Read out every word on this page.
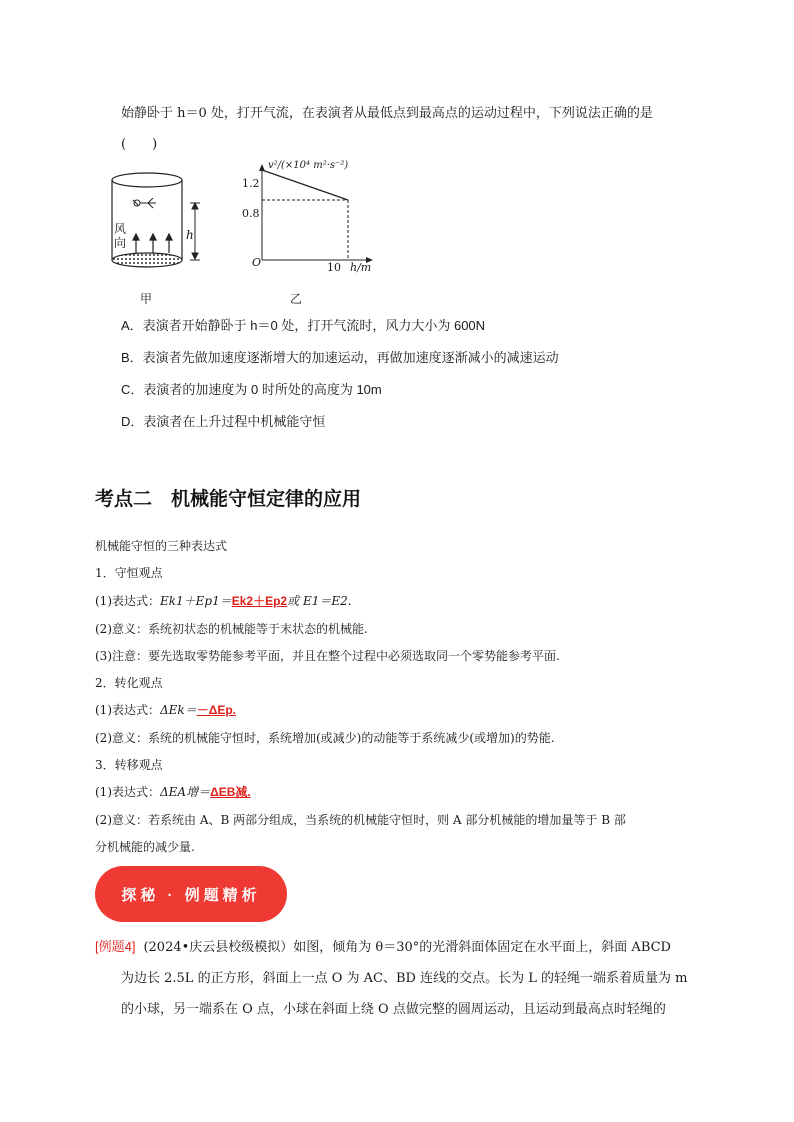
始静卧于 h＝0 处，打开气流，在表演者从最低点到最高点的运动过程中，下列说法正确的是
(　　)
风向
h
甲
v²/(×10⁴ m²·s⁻²)
1.2
0.8
O	10 h/m
乙
A．表演者开始静卧于 h＝0 处，打开气流时，风力大小为 600N
B．表演者先做加速度逐渐增大的加速运动，再做加速度逐渐减小的减速运动
C．表演者的加速度为 0 时所处的高度为 10m
D．表演者在上升过程中机械能守恒
考点二　机械能守恒定律的应用
机械能守恒的三种表达式
1．守恒观点
(1)表达式：Ek1＋Ep1＝Ek2＋Ep2或 E1＝E2.
(2)意义：系统初状态的机械能等于末状态的机械能.
(3)注意：要先选取零势能参考平面，并且在整个过程中必须选取同一个零势能参考平面.
2．转化观点
(1)表达式：ΔEk＝－ΔEp.
(2)意义：系统的机械能守恒时，系统增加(或减少)的动能等于系统减少(或增加)的势能.
3．转移观点
(1)表达式：ΔEA增＝ΔEB减.
(2)意义：若系统由 A、B 两部分组成，当系统的机械能守恒时，则 A 部分机械能的增加量等于 B 部
分机械能的减少量.
探秘 · 例题精析
[例题4] (2024•庆云县校级模拟）如图，倾角为 θ＝30°的光滑斜面体固定在水平面上，斜面 ABCD
为边长 2.5L 的正方形，斜面上一点 O 为 AC、BD 连线的交点。长为 L 的轻绳一端系着质量为 m
的小球，另一端系在 O 点，小球在斜面上绕 O 点做完整的圆周运动，且运动到最高点时轻绳的
